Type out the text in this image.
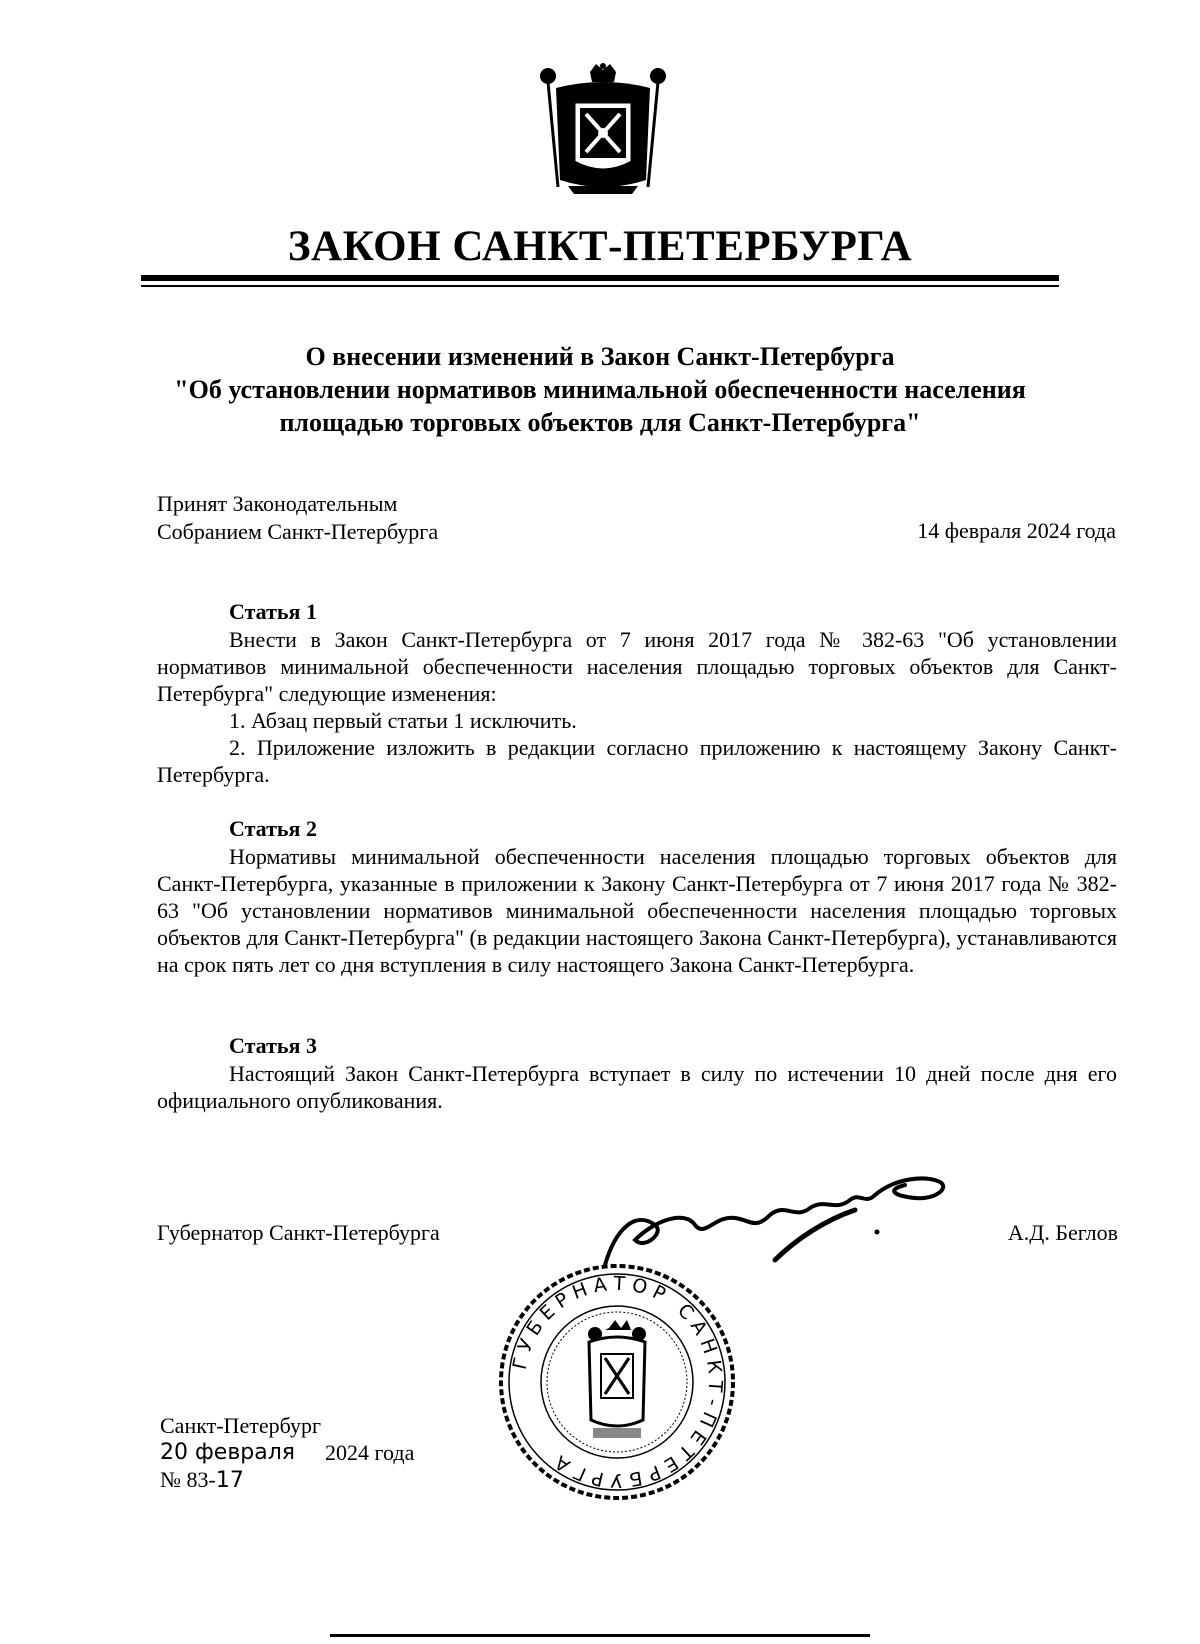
ЗАКОН САНКТ-ПЕТЕРБУРГА
О внесении изменений в Закон Санкт-Петербурга
"Об установлении нормативов минимальной обеспеченности населения
площадью торговых объектов для Санкт-Петербурга"
Принят Законодательным
Собранием Санкт-Петербурга	14 февраля 2024 года
Статья 1

Внести в Закон Санкт-Петербурга от 7 июня 2017 года № 382-63 "Об установлении нормативов минимальной обеспеченности населения площадью торговых объектов для Санкт-Петербурга" следующие изменения:

1. Абзац первый статьи 1 исключить.

2. Приложение изложить в редакции согласно приложению к настоящему Закону Санкт-Петербурга.

Статья 2

Нормативы минимальной обеспеченности населения площадью торговых объектов для Санкт-Петербурга, указанные в приложении к Закону Санкт-Петербурга от 7 июня 2017 года № 382-63 "Об установлении нормативов минимальной обеспеченности населения площадью торговых объектов для Санкт-Петербурга" (в редакции настоящего Закона Санкт-Петербурга), устанавливаются на срок пять лет со дня вступления в силу настоящего Закона Санкт-Петербурга.

Статья 3

Настоящий Закон Санкт-Петербурга вступает в силу по истечении 10 дней после дня его официального опубликования.

Губернатор Санкт-Петербурга	А.Д. Беглов
ГУБЕРНАТОР САНКТ-ПЕТЕРБУРГА
Санкт-Петербург
20 февраля 2024 года
№ 83-17
